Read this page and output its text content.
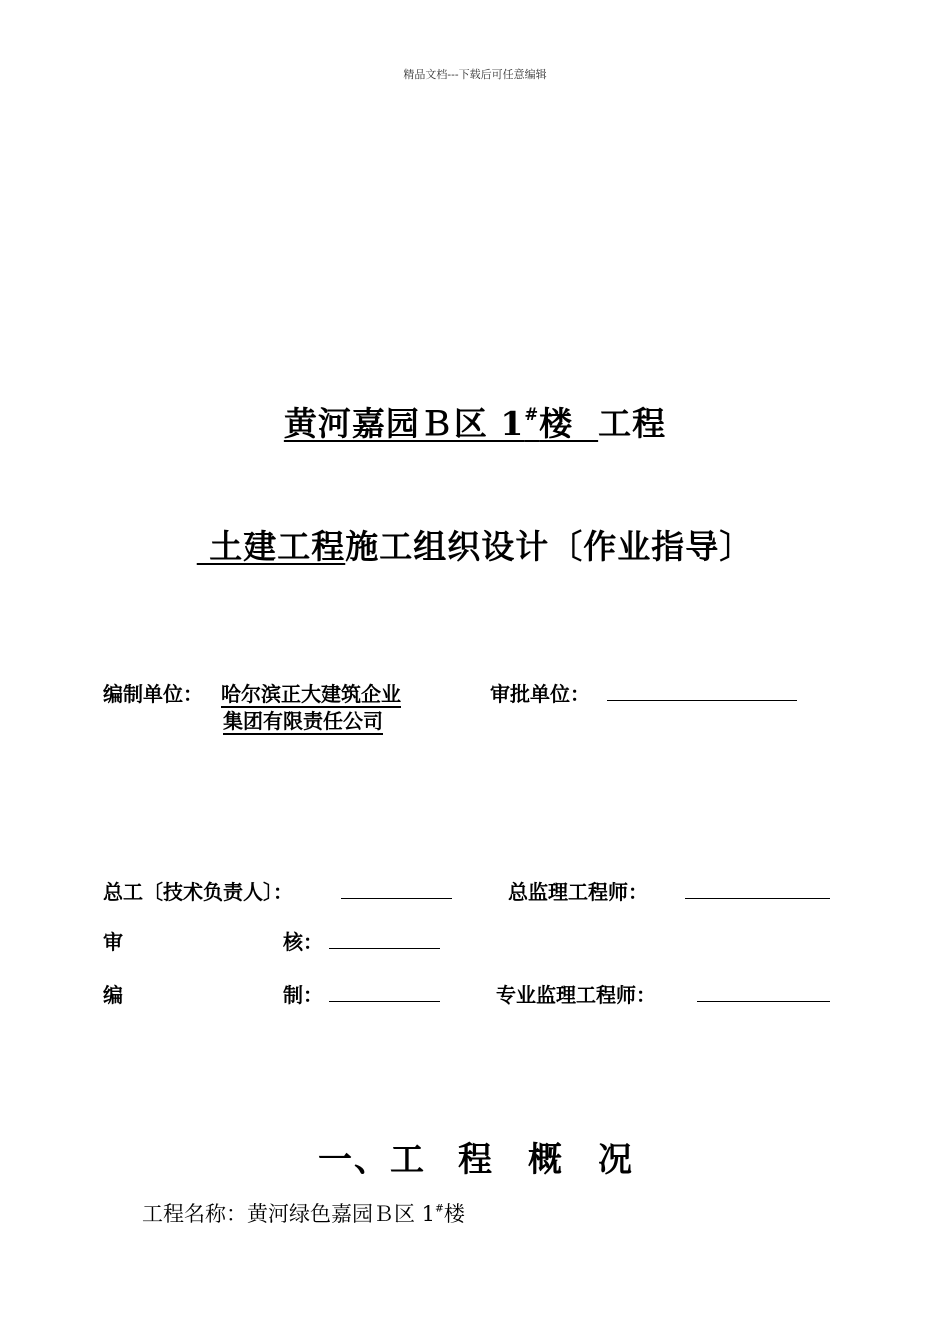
精品文档---下载后可任意编辑
黄河嘉园Ｂ区 1#楼  工程
土建工程施工组织设计〔作业指导〕
编制单位： 哈尔滨正大建筑企业
集团有限责任公司
审批单位：
总工〔技术负责人〕：	总监理工程师：
审	核：
编	制：	专业监理工程师：
一、工 程 概 况
工程名称：黄河绿色嘉园Ｂ区 1#楼
